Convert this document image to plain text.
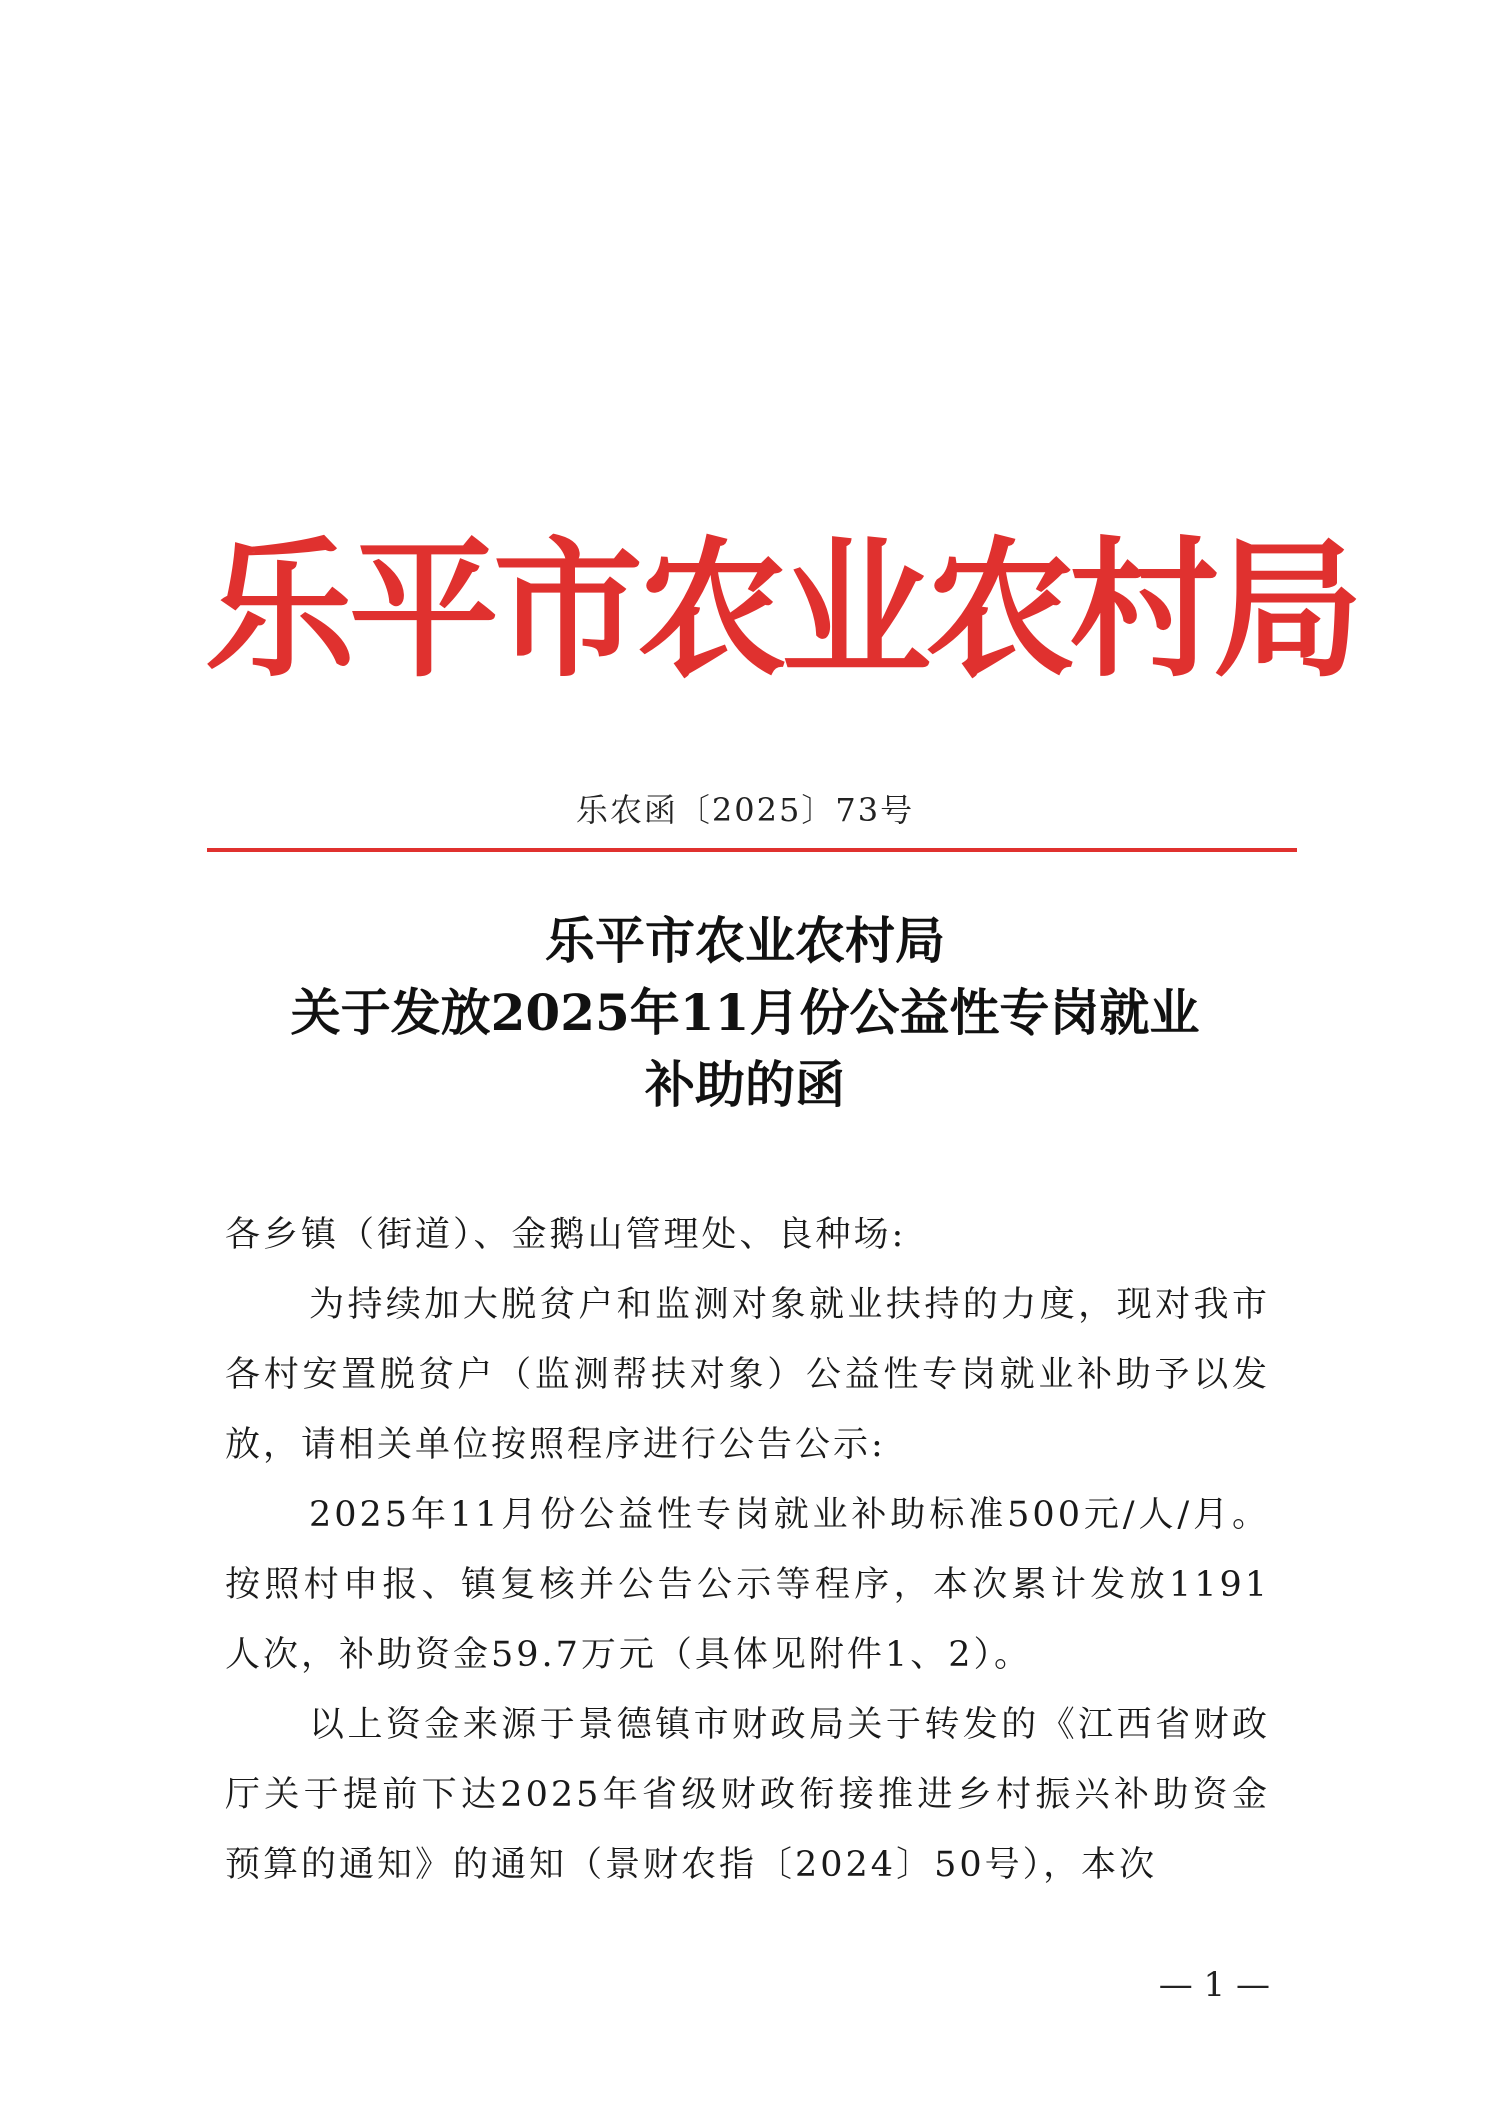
乐平市农业农村局
乐农函〔2025〕73号
乐平市农业农村局
关于发放2025年11月份公益性专岗就业
补助的函

各乡镇（街道）、金鹅山管理处、良种场:

为持续加大脱贫户和监测对象就业扶持的力度，现对我市各村安置脱贫户（监测帮扶对象）公益性专岗就业补助予以发放，请相关单位按照程序进行公告公示:

2025年11月份公益性专岗就业补助标准500元/人/月。按照村申报、镇复核并公告公示等程序，本次累计发放1191人次，补助资金59.7万元（具体见附件1、2）。

以上资金来源于景德镇市财政局关于转发的《江西省财政厅关于提前下达2025年省级财政衔接推进乡村振兴补助资金预算的通知》的通知（景财农指〔2024〕50号），本次

— 1 —
